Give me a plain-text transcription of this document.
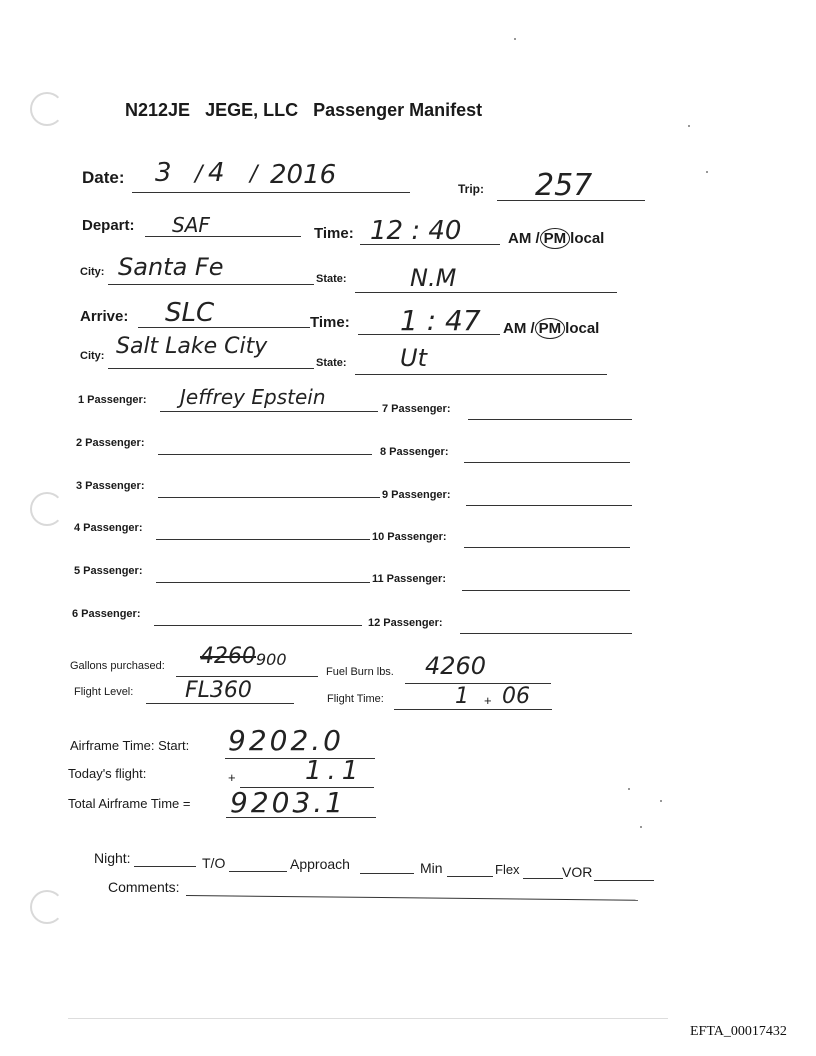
N212JE JEGE, LLC Passenger Manifest
Date: 3 / 4 / 2016	Trip: 257
Depart: SAF	Time: 12 : 40	AM / PM local
City: Santa Fe	State:	N.M
Arrive: SLC	Time: 1 : 47 AM / PM local
City: Salt Lake City
State: Ut
1 Passenger: Jeffrey Epstein
2 Passenger:
3 Passenger:
4 Passenger:
5 Passenger:
6 Passenger:
7 Passenger:
8 Passenger:
9 Passenger:
10 Passenger:
11 Passenger:
12 Passenger:
Gallons purchased: 4260 900
Fuel Burn lbs. 4260
Flight Level: FL360	Flight Time:	1 + 06
Airframe Time: Start: 9202.0
Today's flight:	+	1.1
Total Airframe Time = 9203.1
Night:	T/O	Approach	Min	Flex	VOR
Comments:
EFTA_00017432
